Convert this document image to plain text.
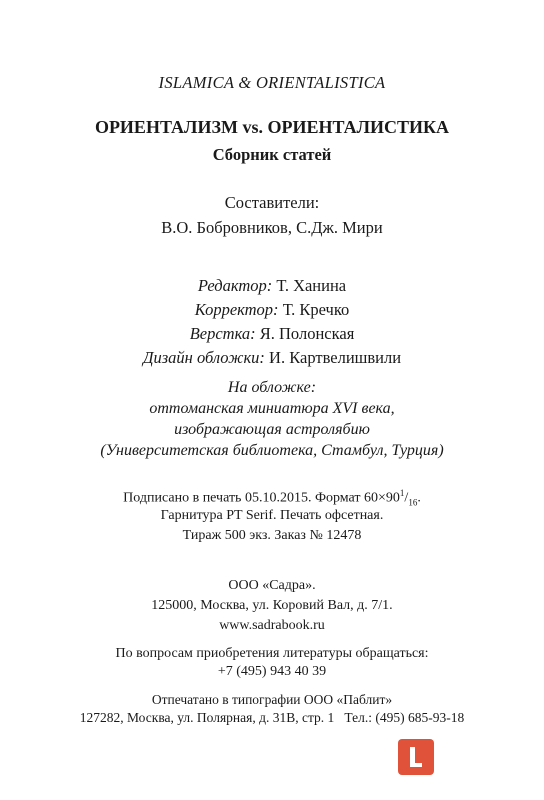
ISLAMICA & ORIENTALISTICA
ОРИЕНТАЛИЗМ vs. ОРИЕНТАЛИСТИКА
Сборник статей
Составители:
В.О. Бобровников, С.Дж. Мири
Редактор: Т. Ханина
Корректор: Т. Кречко
Верстка: Я. Полонская
Дизайн обложки: И. Картвелишвили
На обложке:
оттоманская миниатюра XVI века,
изображающая астролябию
(Университетская библиотека, Стамбул, Турция)
Подписано в печать 05.10.2015. Формат $60\times 90^1/_{16}$.
Гарнитура PT Serif. Печать офсетная.
Тираж 500 экз. Заказ № 12478
ООО «Садра».
125000, Москва, ул. Коровий Вал, д. 7/1.
www.sadrabook.ru
По вопросам приобретения литературы обращаться:
+7 (495) 943 40 39
Отпечатано в типографии ООО «Паблит»
127282, Москва, ул. Полярная, д. 31В, стр. 1   Тел.: (495) 685-93-18
